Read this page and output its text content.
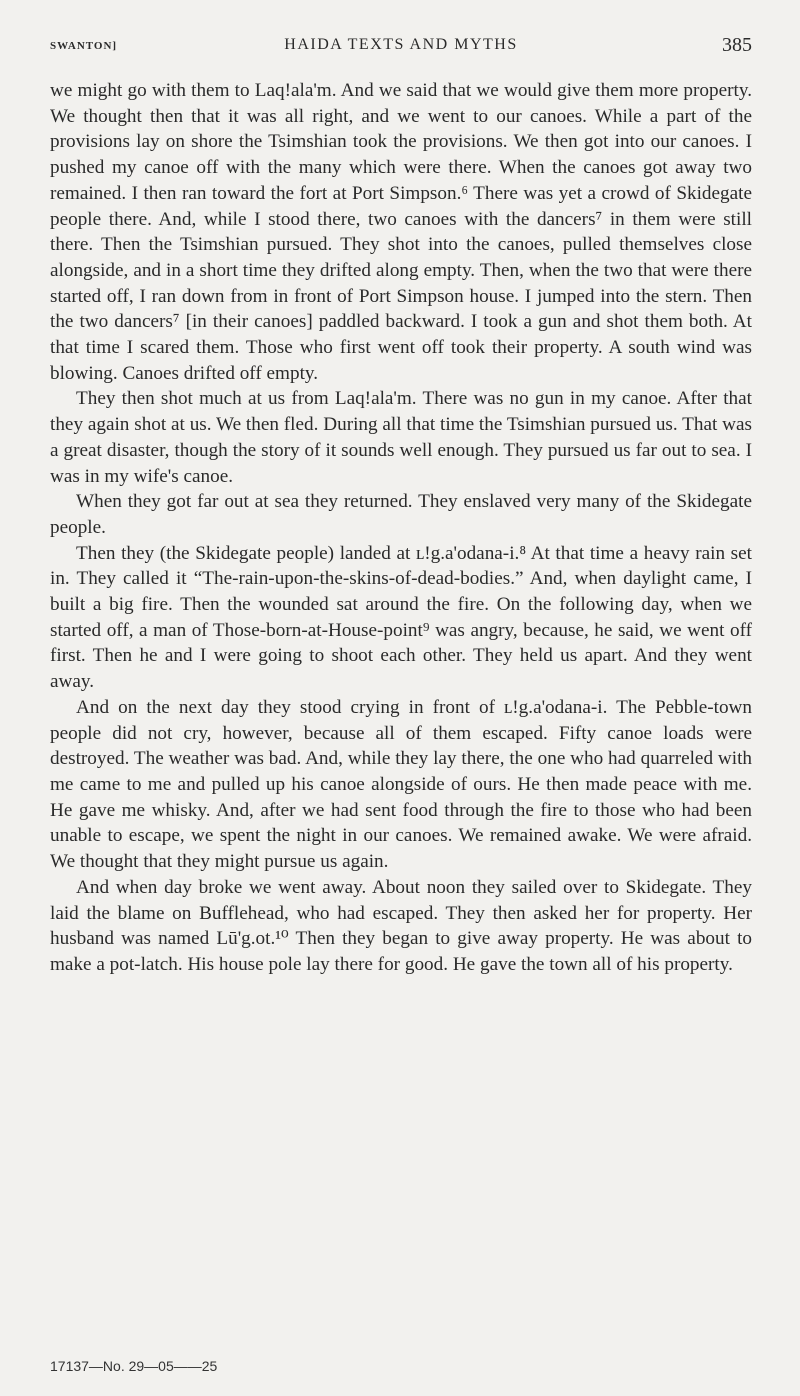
SWANTON]	HAIDA TEXTS AND MYTHS	385

we might go with them to Laq!ala'm. And we said that we would give them more property. We thought then that it was all right, and we went to our canoes. While a part of the provisions lay on shore the Tsimshian took the provisions. We then got into our canoes. I pushed my canoe off with the many which were there. When the canoes got away two remained. I then ran toward the fort at Port Simpson.⁶ There was yet a crowd of Skidegate people there. And, while I stood there, two canoes with the dancers⁷ in them were still there. Then the Tsimshian pursued. They shot into the canoes, pulled themselves close alongside, and in a short time they drifted along empty. Then, when the two that were there started off, I ran down from in front of Port Simpson house. I jumped into the stern. Then the two dancers⁷ [in their canoes] paddled backward. I took a gun and shot them both. At that time I scared them. Those who first went off took their property. A south wind was blowing. Canoes drifted off empty.

They then shot much at us from Laq!ala'm. There was no gun in my canoe. After that they again shot at us. We then fled. During all that time the Tsimshian pursued us. That was a great disaster, though the story of it sounds well enough. They pursued us far out to sea. I was in my wife's canoe.

When they got far out at sea they returned. They enslaved very many of the Skidegate people.

Then they (the Skidegate people) landed at ʟ!g.a'odana-i.⁸ At that time a heavy rain set in. They called it “The-rain-upon-the-skins-of-dead-bodies.” And, when daylight came, I built a big fire. Then the wounded sat around the fire. On the following day, when we started off, a man of Those-born-at-House-point⁹ was angry, because, he said, we went off first. Then he and I were going to shoot each other. They held us apart. And they went away.

And on the next day they stood crying in front of ʟ!g.a'odana-i. The Pebble-town people did not cry, however, because all of them escaped. Fifty canoe loads were destroyed. The weather was bad. And, while they lay there, the one who had quarreled with me came to me and pulled up his canoe alongside of ours. He then made peace with me. He gave me whisky. And, after we had sent food through the fire to those who had been unable to escape, we spent the night in our canoes. We remained awake. We were afraid. We thought that they might pursue us again.

And when day broke we went away. About noon they sailed over to Skidegate. They laid the blame on Bufflehead, who had escaped. They then asked her for property. Her husband was named Lū'g.ot.¹⁰ Then they began to give away property. He was about to make a pot-latch. His house pole lay there for good. He gave the town all of his property.

17137—No. 29—05——25
